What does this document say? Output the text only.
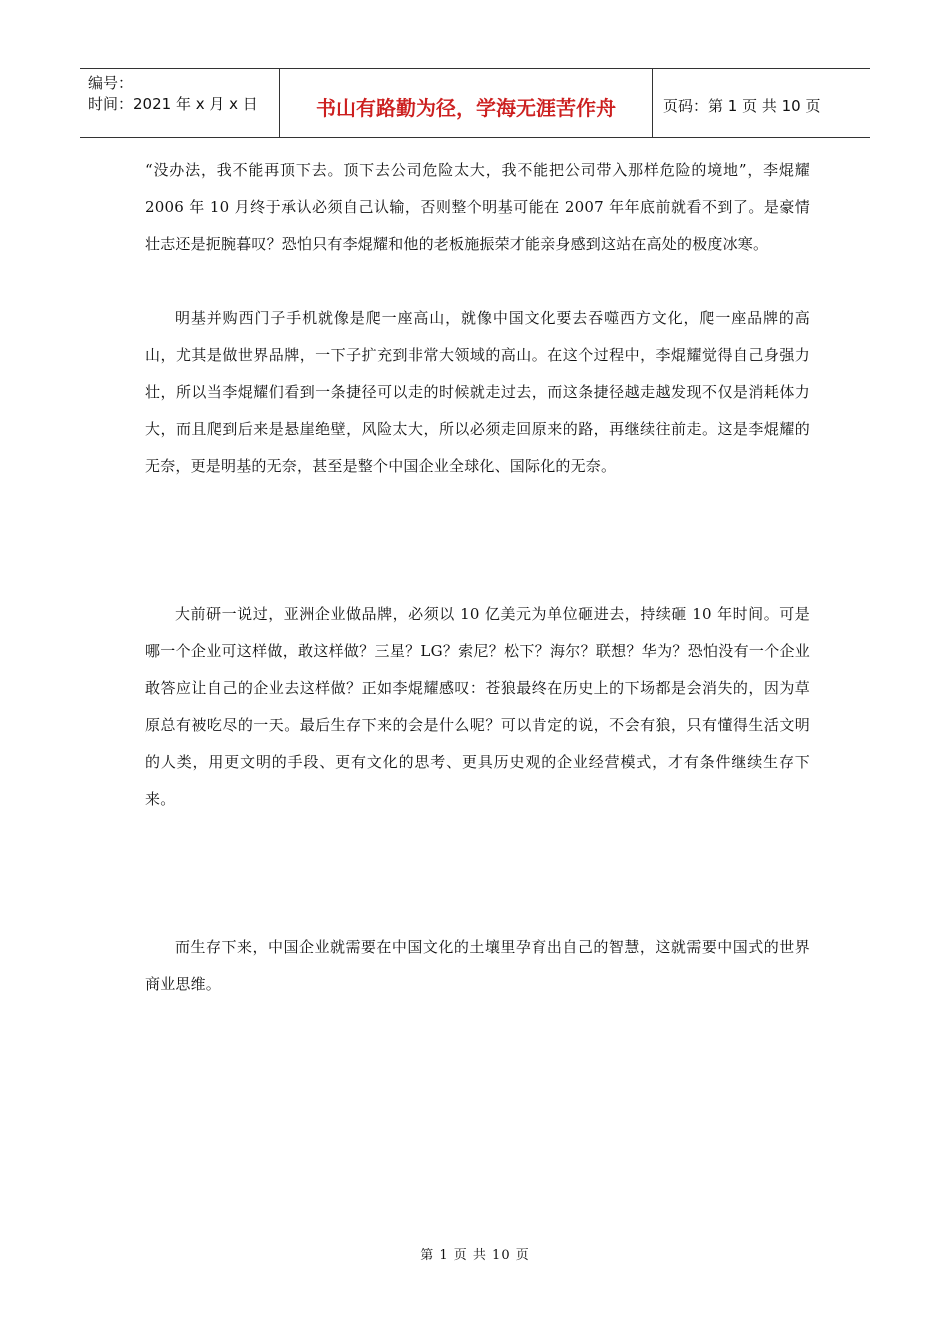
编号：
时间：2021 年 x 月 x 日	书山有路勤为径，学海无涯苦作舟	页码：第 1 页 共 10 页

“没办法，我不能再顶下去。顶下去公司危险太大，我不能把公司带入那样危险的境地”，李焜耀 2006 年 10 月终于承认必须自己认输，否则整个明基可能在 2007 年年底前就看不到了。是豪情壮志还是扼腕暮叹？恐怕只有李焜耀和他的老板施振荣才能亲身感到这站在高处的极度冰寒。

明基并购西门子手机就像是爬一座高山，就像中国文化要去吞噬西方文化，爬一座品牌的高山，尤其是做世界品牌，一下子扩充到非常大领域的高山。在这个过程中，李焜耀觉得自己身强力壮，所以当李焜耀们看到一条捷径可以走的时候就走过去，而这条捷径越走越发现不仅是消耗体力大，而且爬到后来是悬崖绝壁，风险太大，所以必须走回原来的路，再继续往前走。这是李焜耀的无奈，更是明基的无奈，甚至是整个中国企业全球化、国际化的无奈。

大前研一说过，亚洲企业做品牌，必须以 10 亿美元为单位砸进去，持续砸 10 年时间。可是哪一个企业可这样做，敢这样做？三星？LG？索尼？松下？海尔？联想？华为？恐怕没有一个企业敢答应让自己的企业去这样做？正如李焜耀感叹：苍狼最终在历史上的下场都是会消失的，因为草原总有被吃尽的一天。最后生存下来的会是什么呢？可以肯定的说，不会有狼，只有懂得生活文明的人类，用更文明的手段、更有文化的思考、更具历史观的企业经营模式，才有条件继续生存下来。

而生存下来，中国企业就需要在中国文化的土壤里孕育出自己的智慧，这就需要中国式的世界商业思维。

第 1 页 共 10 页
